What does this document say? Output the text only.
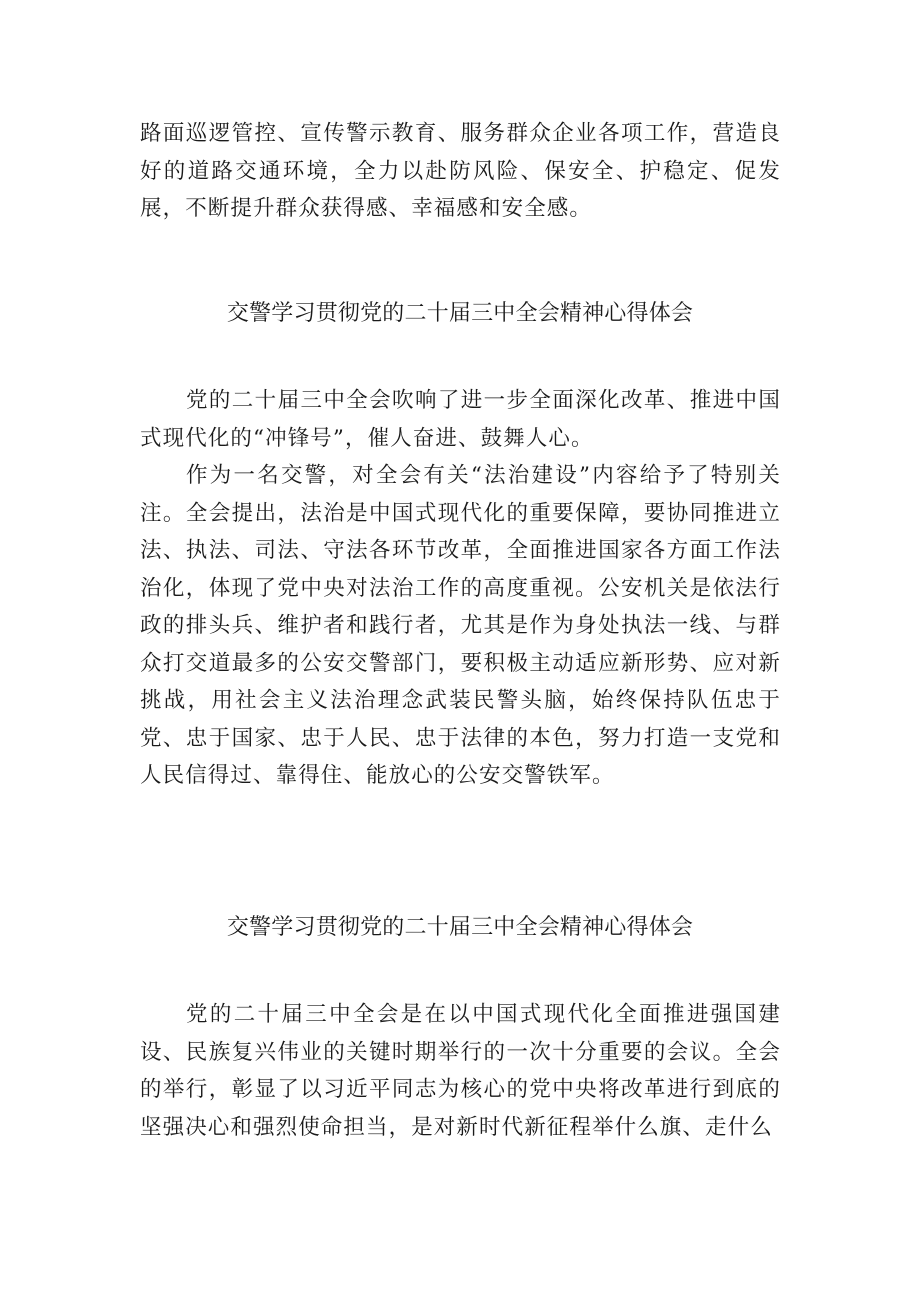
路面巡逻管控、宣传警示教育、服务群众企业各项工作，营造良好的道路交通环境，全力以赴防风险、保安全、护稳定、促发展，不断提升群众获得感、幸福感和安全感。

交警学习贯彻党的二十届三中全会精神心得体会

党的二十届三中全会吹响了进一步全面深化改革、推进中国式现代化的“冲锋号”，催人奋进、鼓舞人心。

作为一名交警，对全会有关“法治建设”内容给予了特别关注。全会提出，法治是中国式现代化的重要保障，要协同推进立法、执法、司法、守法各环节改革，全面推进国家各方面工作法治化，体现了党中央对法治工作的高度重视。公安机关是依法行政的排头兵、维护者和践行者，尤其是作为身处执法一线、与群众打交道最多的公安交警部门，要积极主动适应新形势、应对新挑战，用社会主义法治理念武装民警头脑，始终保持队伍忠于党、忠于国家、忠于人民、忠于法律的本色，努力打造一支党和人民信得过、靠得住、能放心的公安交警铁军。

交警学习贯彻党的二十届三中全会精神心得体会

党的二十届三中全会是在以中国式现代化全面推进强国建设、民族复兴伟业的关键时期举行的一次十分重要的会议。全会的举行，彰显了以习近平同志为核心的党中央将改革进行到底的坚强决心和强烈使命担当，是对新时代新征程举什么旗、走什么
